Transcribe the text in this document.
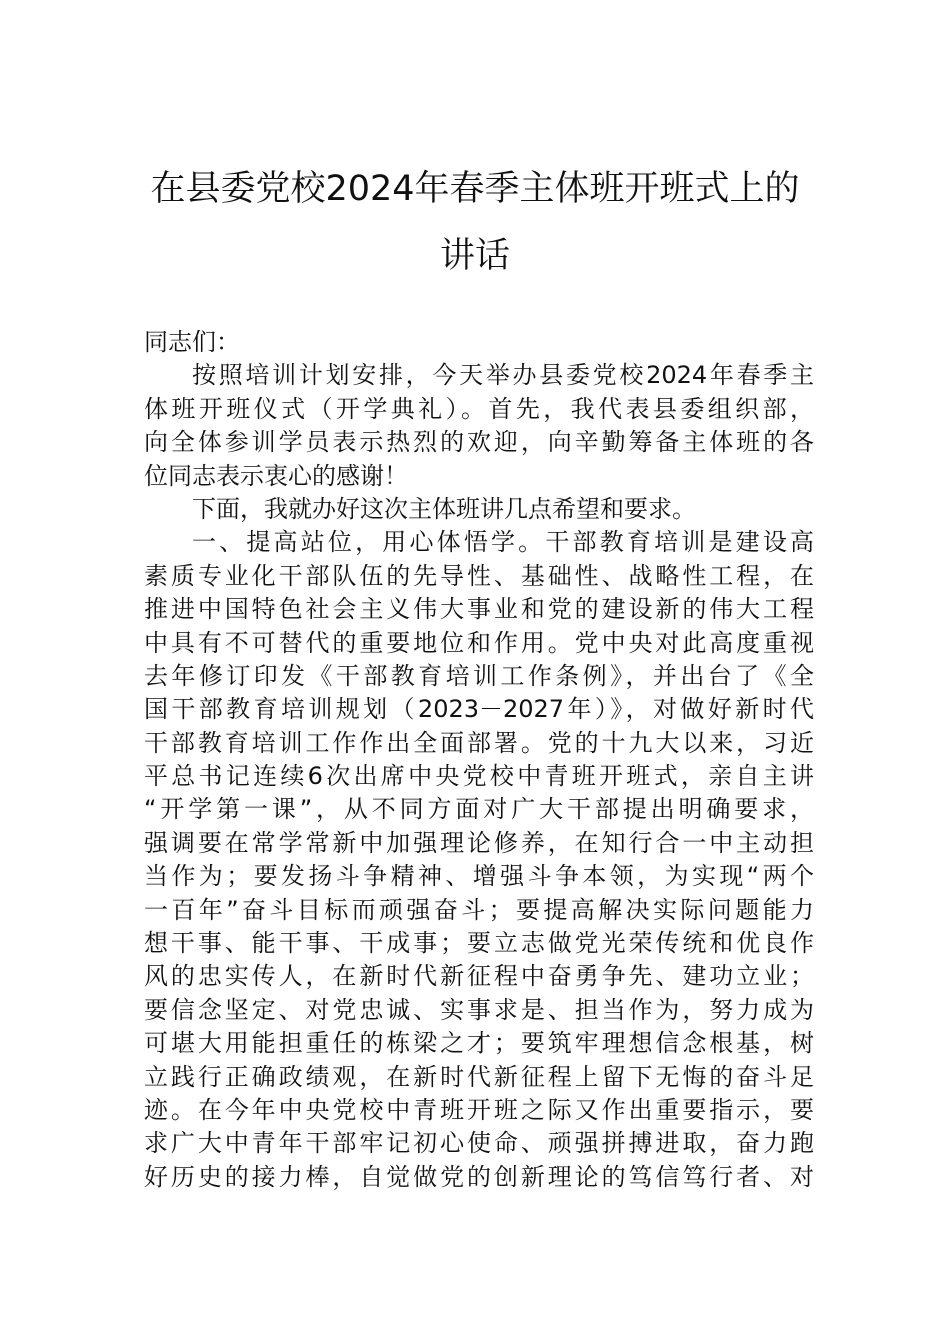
在县委党校2024年春季主体班开班式上的
讲话
同志们：
按照培训计划安排，今天举办县委党校2024年春季主
体班开班仪式（开学典礼）。首先，我代表县委组织部，
向全体参训学员表示热烈的欢迎，向辛勤筹备主体班的各
位同志表示衷心的感谢！
下面，我就办好这次主体班讲几点希望和要求。
一、提高站位，用心体悟学。干部教育培训是建设高
素质专业化干部队伍的先导性、基础性、战略性工程，在
推进中国特色社会主义伟大事业和党的建设新的伟大工程
中具有不可替代的重要地位和作用。党中央对此高度重视
去年修订印发《干部教育培训工作条例》，并出台了《全
国干部教育培训规划（2023－2027年）》，对做好新时代
干部教育培训工作作出全面部署。党的十九大以来，习近
平总书记连续6次出席中央党校中青班开班式，亲自主讲
“开学第一课”，从不同方面对广大干部提出明确要求，
强调要在常学常新中加强理论修养，在知行合一中主动担
当作为；要发扬斗争精神、增强斗争本领，为实现“两个
一百年”奋斗目标而顽强奋斗；要提高解决实际问题能力
想干事、能干事、干成事；要立志做党光荣传统和优良作
风的忠实传人，在新时代新征程中奋勇争先、建功立业；
要信念坚定、对党忠诚、实事求是、担当作为，努力成为
可堪大用能担重任的栋梁之才；要筑牢理想信念根基，树
立践行正确政绩观，在新时代新征程上留下无悔的奋斗足
迹。在今年中央党校中青班开班之际又作出重要指示，要
求广大中青年干部牢记初心使命、顽强拼搏进取，奋力跑
好历史的接力棒，自觉做党的创新理论的笃信笃行者、对
